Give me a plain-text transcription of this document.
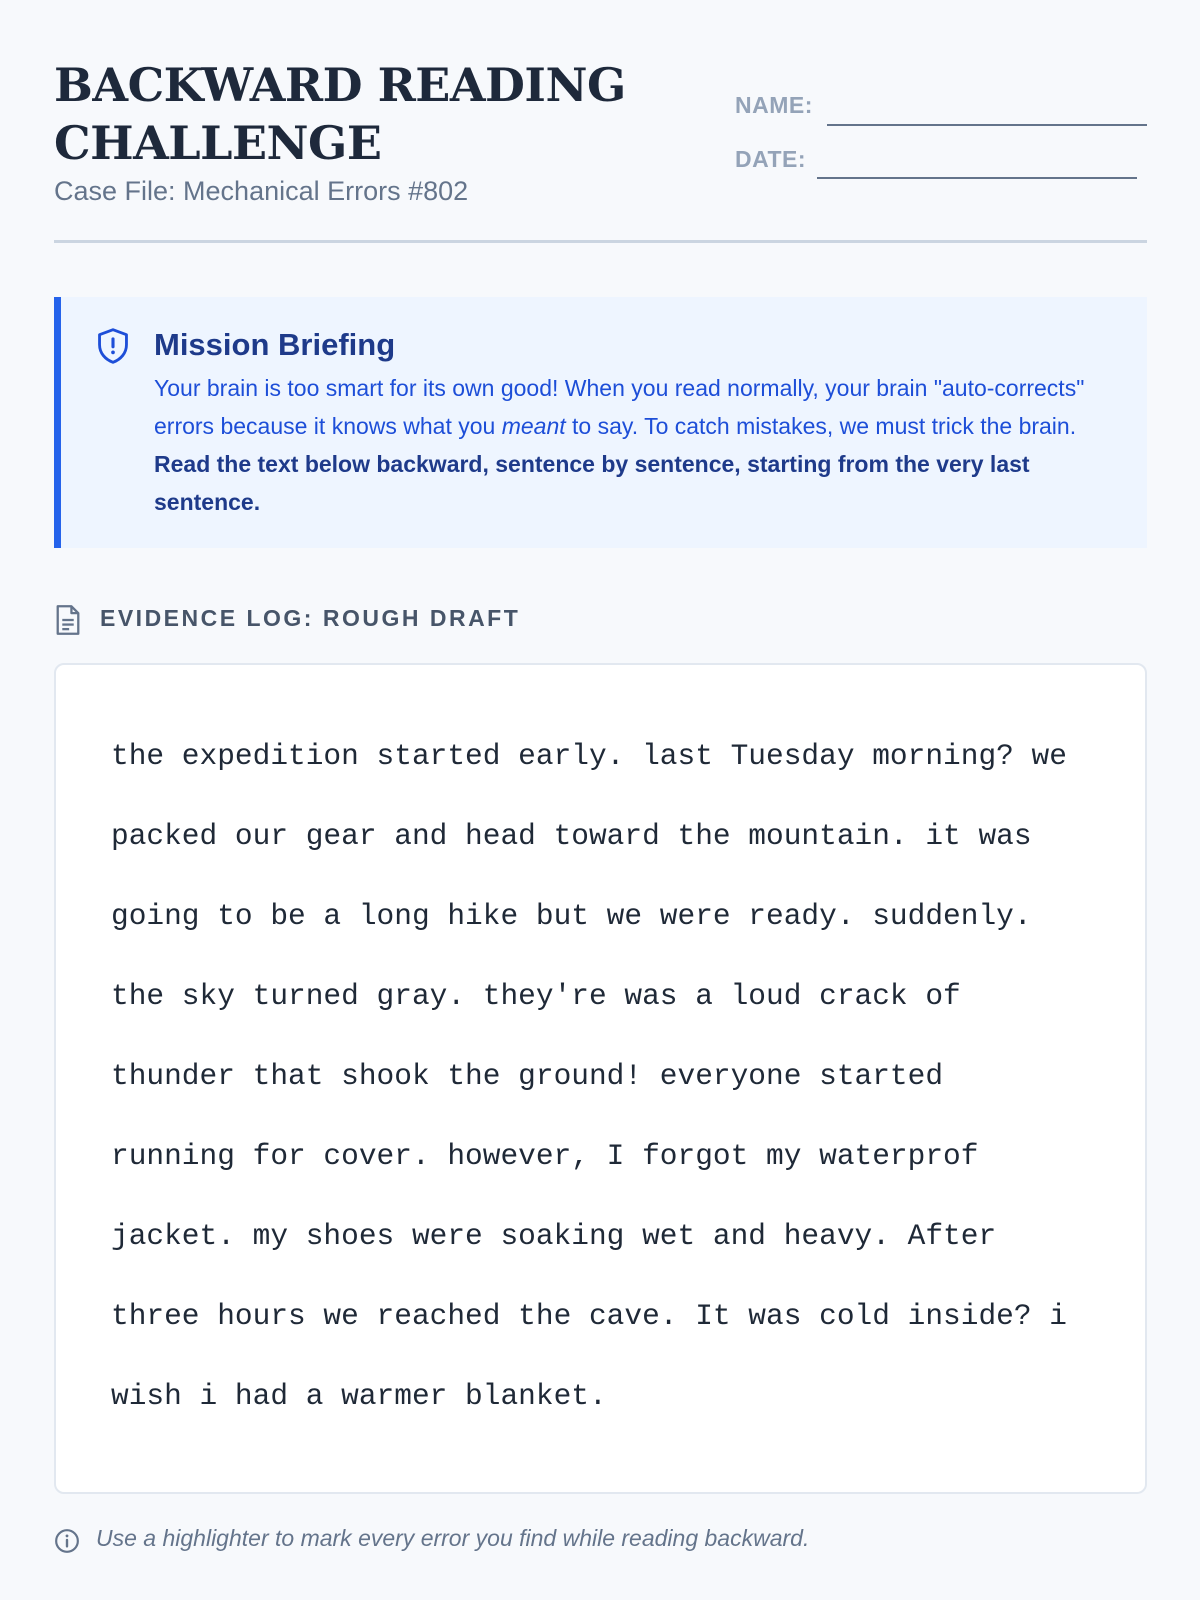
BACKWARD READING CHALLENGE
Case File: Mechanical Errors #802
NAME:
DATE:
Mission Briefing
Your brain is too smart for its own good! When you read normally, your brain "auto-corrects" errors because it knows what you meant to say. To catch mistakes, we must trick the brain. Read the text below backward, sentence by sentence, starting from the very last sentence.
EVIDENCE LOG: ROUGH DRAFT
the expedition started early. last Tuesday morning? we
packed our gear and head toward the mountain. it was
going to be a long hike but we were ready. suddenly.
the sky turned gray. they're was a loud crack of
thunder that shook the ground! everyone started
running for cover. however, I forgot my waterprof
jacket. my shoes were soaking wet and heavy. After
three hours we reached the cave. It was cold inside? i
wish i had a warmer blanket.
Use a highlighter to mark every error you find while reading backward.
